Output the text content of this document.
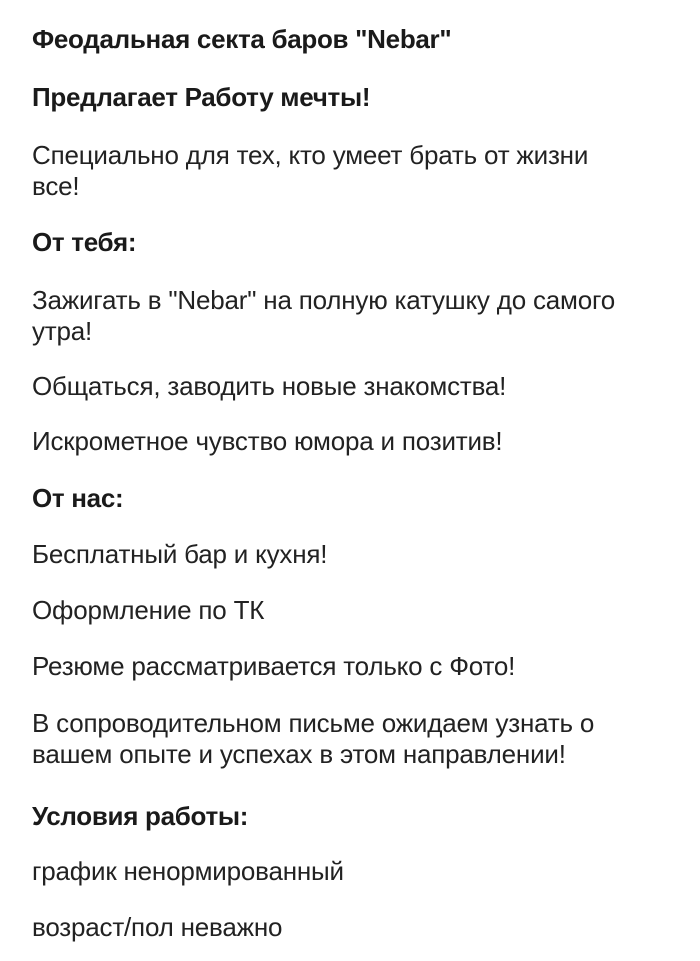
Феодальная секта баров "Nebar"
Предлагает Работу мечты!
Специально для тех, кто умеет брать от жизни
все!
От тебя:
Зажигать в "Nebar" на полную катушку до самого
утра!
Общаться, заводить новые знакомства!
Искрометное чувство юмора и позитив!
От нас:
Бесплатный бар и кухня!
Оформление по ТК
Резюме рассматривается только с Фото!
В сопроводительном письме ожидаем узнать о
вашем опыте и успехах в этом направлении!
Условия работы:
график ненормированный
возраст/пол неважно
